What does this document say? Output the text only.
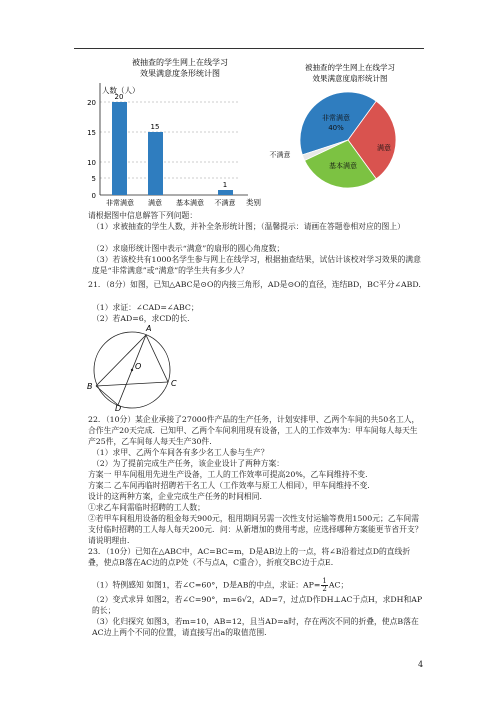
被抽查的学生网上在线学习
效果满意度条形统计图
人数（人）
20
15
10
5
0
20
15
1
非常满意 满意 基本满意 不满意 类别
被抽查的学生网上在线学习
效果满意度扇形统计图
非常满意
40%
满意
基本满意
不满意
请根据图中信息解答下列问题：
（1）求被抽查的学生人数，并补全条形统计图；（温馨提示：请画在答题卷相对应的图上）
（2）求扇形统计图中表示“满意”的扇形的圆心角度数；
（3）若该校共有1000名学生参与网上在线学习，根据抽查结果，试估计该校对学习效果的满意度是“非常满意”或“满意”的学生共有多少人？
21．（8分）如图，已知△ABC是⊙O的内接三角形，AD是⊙O的直径，连结BD，BC平分∠ABD.
（1）求证：∠CAD=∠ABC；
（2）若AD=6，求CD的长.
A
O
B	C
D
22．（10分）某企业承接了27000件产品的生产任务，计划安排甲、乙两个车间的共50名工人，合作生产20天完成．已知甲、乙两个车间利用现有设备，工人的工作效率为：甲车间每人每天生产25件，乙车间每人每天生产30件．
（1）求甲、乙两个车间各有多少名工人参与生产？
（2）为了提前完成生产任务，该企业设计了两种方案：
方案一 甲车间租用先进生产设备，工人的工作效率可提高20%，乙车间维持不变．
方案二 乙车间再临时招聘若干名工人（工作效率与原工人相同），甲车间维持不变．
设计的这两种方案，企业完成生产任务的时间相同．
①求乙车间需临时招聘的工人数；
②若甲车间租用设备的租金每天900元，租用期间另需一次性支付运输等费用1500元；乙车间需支付临时招聘的工人每人每天200元．问：从新增加的费用考虑，应选择哪种方案能更节省开支？请说明理由．
23．（10分）已知在△ABC中，AC=BC=m，D是AB边上的一点，将∠B沿着过点D的直线折叠，使点B落在AC边的点P处（不与点A，C重合），折痕交BC边于点E．
（1）特例感知 如图1，若∠C=60°，D是AB的中点，求证：$AP= \frac{1}{2}$ AC；
（2）变式求异 如图2，若∠C=90°，m=6√2，AD=7，过点D作DH⊥AC于点H，求DH和AP的长；
（3）化归探究 如图3，若m=10，AB=12，且当AD=a时，存在两次不同的折叠，使点B落在AC边上两个不同的位置，请直接写出a的取值范围．
4
